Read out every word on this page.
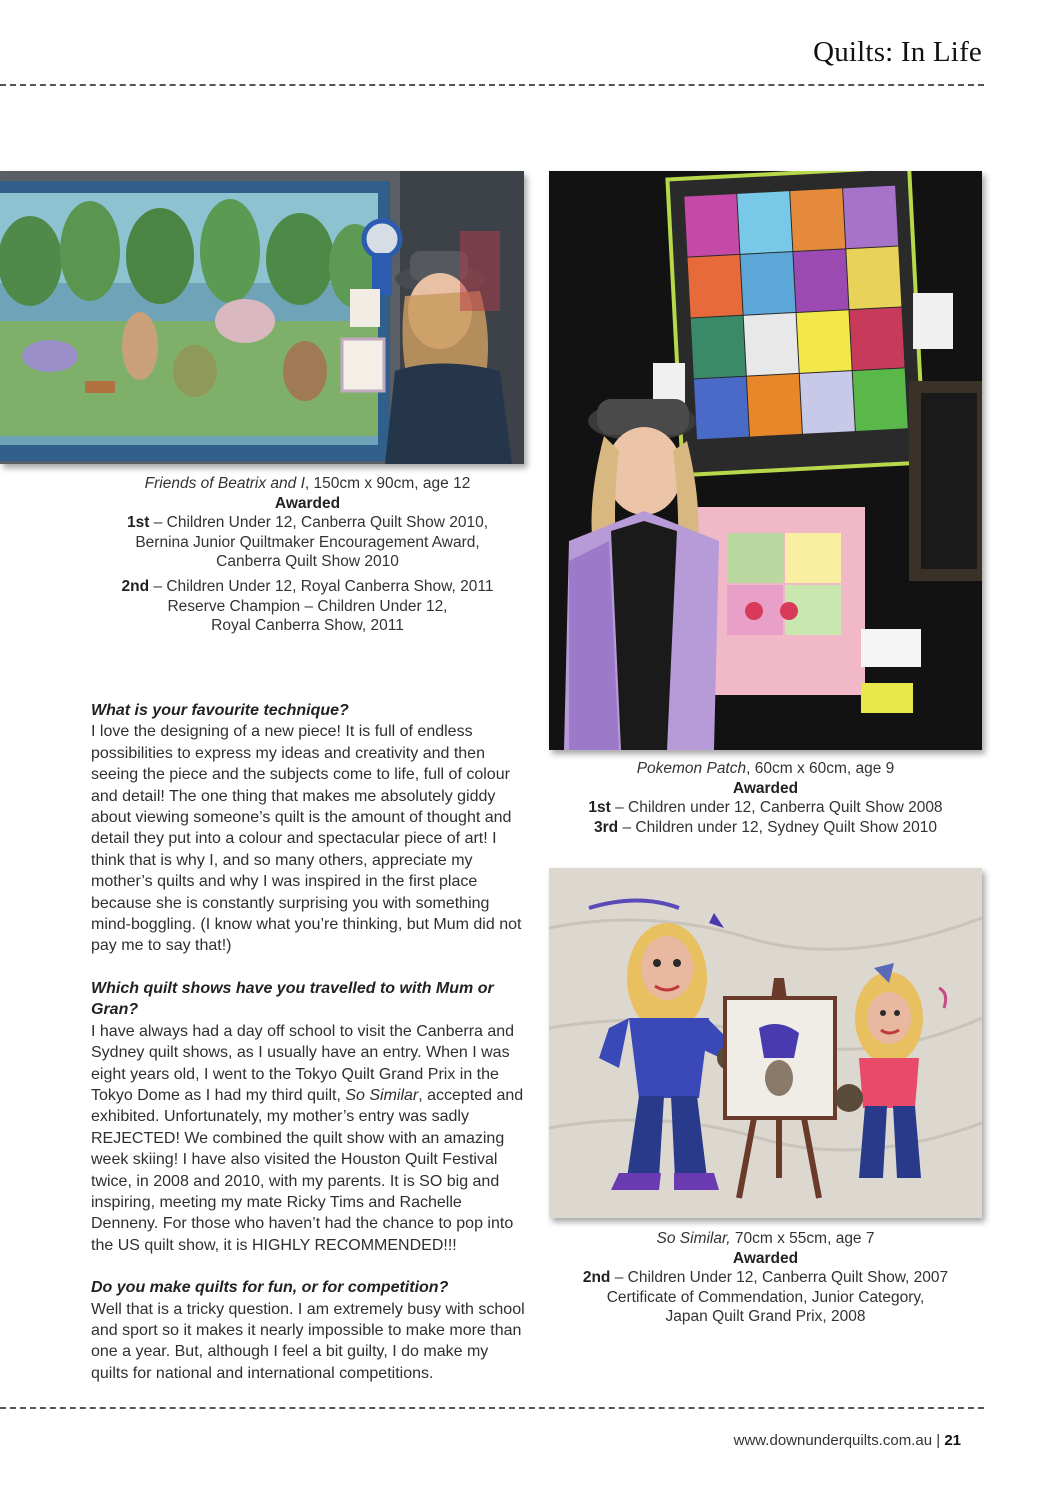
Quilts: In Life
Friends of Beatrix and I, 150cm x 90cm, age 12
Awarded
1st – Children Under 12, Canberra Quilt Show 2010,
Bernina Junior Quiltmaker Encouragement Award,
Canberra Quilt Show 2010
2nd – Children Under 12, Royal Canberra Show, 2011
Reserve Champion – Children Under 12,
Royal Canberra Show, 2011
Pokemon Patch, 60cm x 60cm, age 9
Awarded
1st – Children under 12, Canberra Quilt Show 2008
3rd – Children under 12, Sydney Quilt Show 2010
So Similar, 70cm x 55cm, age 7
Awarded
2nd – Children Under 12, Canberra Quilt Show, 2007
Certificate of Commendation, Junior Category,
Japan Quilt Grand Prix, 2008

What is your favourite technique?

I love the designing of a new piece! It is full of endless possibilities to express my ideas and creativity and then seeing the piece and the subjects come to life, full of colour and detail! The one thing that makes me absolutely giddy about viewing someone’s quilt is the amount of thought and detail they put into a colour and spectacular piece of art! I think that is why I, and so many others, appreciate my mother’s quilts and why I was inspired in the first place because she is constantly surprising you with something mind-boggling. (I know what you’re thinking, but Mum did not pay me to say that!)

Which quilt shows have you travelled to with Mum or Gran?

I have always had a day off school to visit the Canberra and Sydney quilt shows, as I usually have an entry. When I was eight years old, I went to the Tokyo Quilt Grand Prix in the Tokyo Dome as I had my third quilt, So Similar, accepted and exhibited. Unfortunately, my mother’s entry was sadly REJECTED! We combined the quilt show with an amazing week skiing! I have also visited the Houston Quilt Festival twice, in 2008 and 2010, with my parents. It is SO big and inspiring, meeting my mate Ricky Tims and Rachelle Denneny. For those who haven’t had the chance to pop into the US quilt show, it is HIGHLY RECOMMENDED!!!

Do you make quilts for fun, or for competition?

Well that is a tricky question. I am extremely busy with school and sport so it makes it nearly impossible to make more than one a year. But, although I feel a bit guilty, I do make my quilts for national and international competitions.

www.downunderquilts.com.au | 21
